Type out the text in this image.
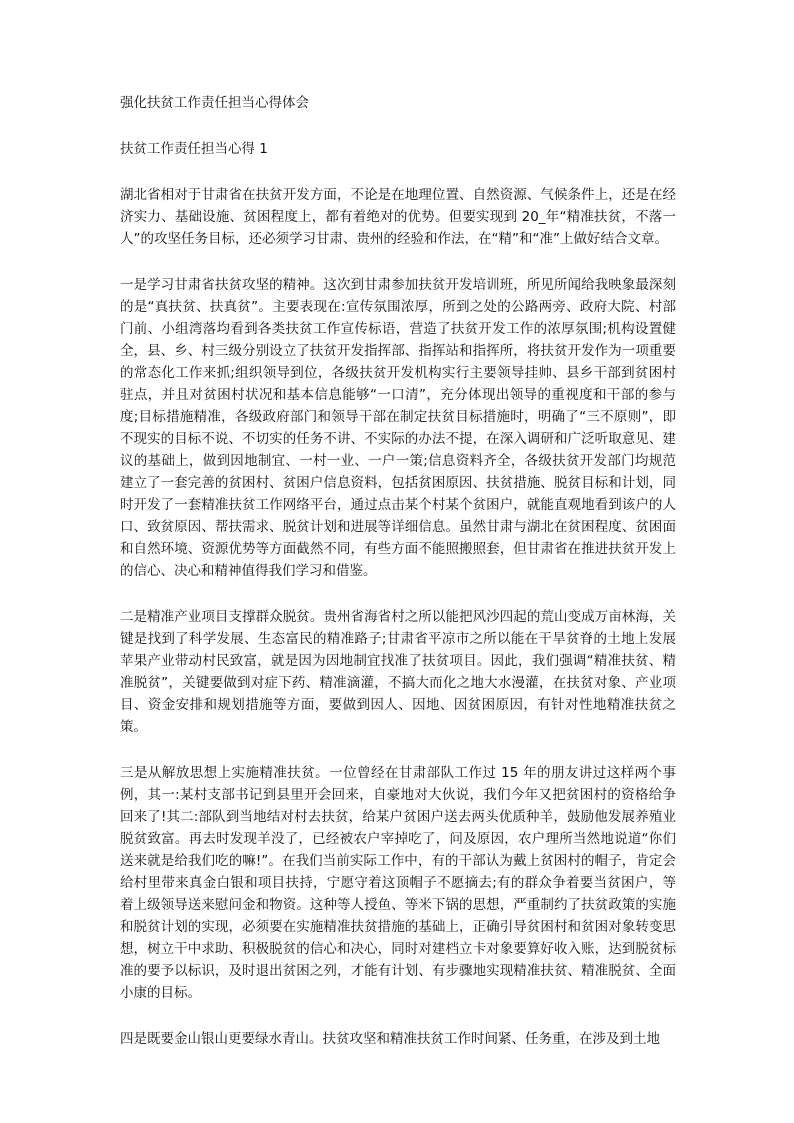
强化扶贫工作责任担当心得体会
扶贫工作责任担当心得 1

湖北省相对于甘肃省在扶贫开发方面，不论是在地理位置、自然资源、气候条件上，还是在经济实力、基础设施、贫困程度上，都有着绝对的优势。但要实现到 20_年“精准扶贫，不落一人”的攻坚任务目标，还必须学习甘肃、贵州的经验和作法，在“精”和“准”上做好结合文章。

一是学习甘肃省扶贫攻坚的精神。这次到甘肃参加扶贫开发培训班，所见所闻给我映象最深刻的是“真扶贫、扶真贫”。主要表现在:宣传氛围浓厚，所到之处的公路两旁、政府大院、村部门前、小组湾落均看到各类扶贫工作宣传标语，营造了扶贫开发工作的浓厚氛围;机构设置健全，县、乡、村三级分别设立了扶贫开发指挥部、指挥站和指挥所，将扶贫开发作为一项重要的常态化工作来抓;组织领导到位，各级扶贫开发机构实行主要领导挂帅、县乡干部到贫困村驻点，并且对贫困村状况和基本信息能够“一口清”，充分体现出领导的重视度和干部的参与度;目标措施精准，各级政府部门和领导干部在制定扶贫目标措施时，明确了“三不原则”，即不现实的目标不说、不切实的任务不讲、不实际的办法不提，在深入调研和广泛听取意见、建议的基础上，做到因地制宜、一村一业、一户一策;信息资料齐全，各级扶贫开发部门均规范建立了一套完善的贫困村、贫困户信息资料，包括贫困原因、扶贫措施、脱贫目标和计划，同时开发了一套精准扶贫工作网络平台，通过点击某个村某个贫困户，就能直观地看到该户的人口、致贫原因、帮扶需求、脱贫计划和进展等详细信息。虽然甘肃与湖北在贫困程度、贫困面和自然环境、资源优势等方面截然不同，有些方面不能照搬照套，但甘肃省在推进扶贫开发上的信心、决心和精神值得我们学习和借鉴。

二是精准产业项目支撑群众脱贫。贵州省海省村之所以能把风沙四起的荒山变成万亩林海，关键是找到了科学发展、生态富民的精准路子;甘肃省平凉市之所以能在干旱贫脊的土地上发展苹果产业带动村民致富，就是因为因地制宜找准了扶贫项目。因此，我们强调“精准扶贫、精准脱贫”，关键要做到对症下药、精准滴灌，不搞大而化之地大水漫灌，在扶贫对象、产业项目、资金安排和规划措施等方面，要做到因人、因地、因贫困原因，有针对性地精准扶贫之策。

三是从解放思想上实施精准扶贫。一位曾经在甘肃部队工作过 15 年的朋友讲过这样两个事例，其一:某村支部书记到县里开会回来，自豪地对大伙说，我们今年又把贫困村的资格给争回来了!其二:部队到当地结对村去扶贫，给某户贫困户送去两头优质种羊，鼓励他发展养殖业脱贫致富。再去时发现羊没了，已经被农户宰掉吃了，问及原因，农户理所当然地说道“你们送来就是给我们吃的嘛!”。在我们当前实际工作中，有的干部认为戴上贫困村的帽子，肯定会给村里带来真金白银和项目扶持，宁愿守着这顶帽子不愿摘去;有的群众争着要当贫困户，等着上级领导送来慰问金和物资。这种等人授鱼、等米下锅的思想，严重制约了扶贫政策的实施和脱贫计划的实现，必须要在实施精准扶贫措施的基础上，正确引导贫困村和贫困对象转变思想，树立干中求助、积极脱贫的信心和决心，同时对建档立卡对象要算好收入账，达到脱贫标准的要予以标识，及时退出贫困之列，才能有计划、有步骤地实现精准扶贫、精准脱贫、全面小康的目标。

四是既要金山银山更要绿水青山。扶贫攻坚和精准扶贫工作时间紧、任务重，在涉及到土地
